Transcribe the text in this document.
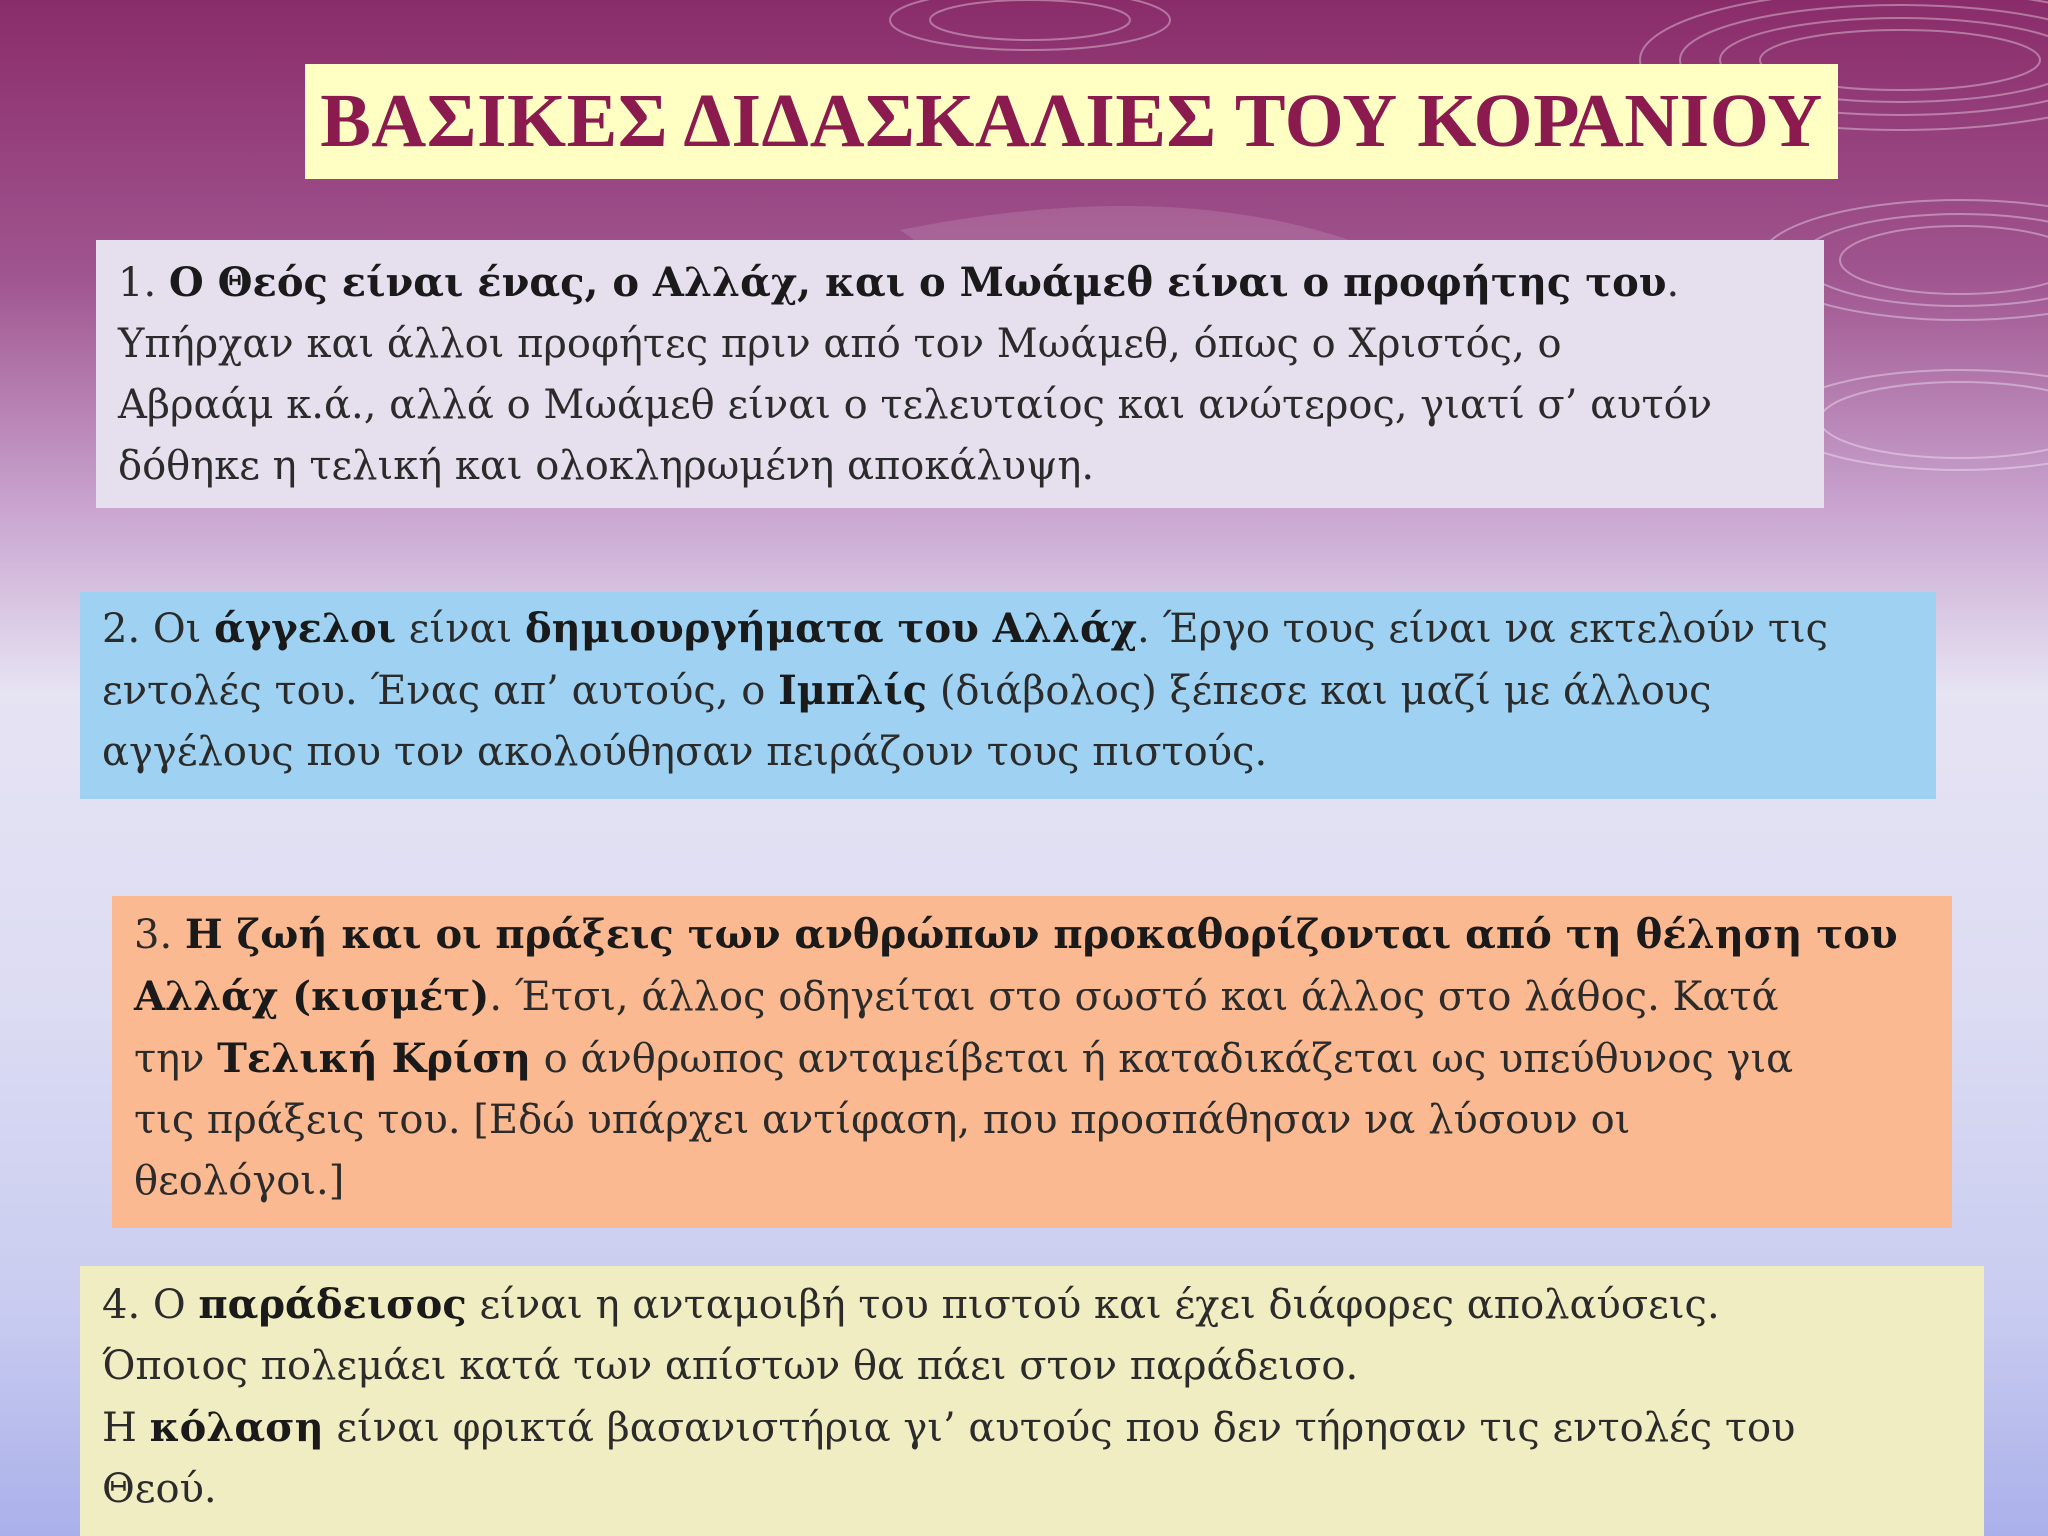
ΒΑΣΙΚΕΣ ΔΙΔΑΣΚΑΛΙΕΣ ΤΟΥ ΚΟΡΑΝΙΟΥ

1. Ο Θεός είναι ένας, ο Αλλάχ, και ο Μωάμεθ είναι ο προφήτης του.

Υπήρχαν και άλλοι προφήτες πριν από τον Μωάμεθ, όπως ο Χριστός, ο

Αβραάμ κ.ά., αλλά ο Μωάμεθ είναι ο τελευταίος και ανώτερος, γιατί σ’ αυτόν

δόθηκε η τελική και ολοκληρωμένη αποκάλυψη.

2. Οι άγγελοι είναι δημιουργήματα του Αλλάχ. Έργο τους είναι να εκτελούν τις

εντολές του. Ένας απ’ αυτούς, ο Ιμπλίς (διάβολος) ξέπεσε και μαζί με άλλους

αγγέλους που τον ακολούθησαν πειράζουν τους πιστούς.

3. Η ζωή και οι πράξεις των ανθρώπων προκαθορίζονται από τη θέληση του

Αλλάχ (κισμέτ). Έτσι, άλλος οδηγείται στο σωστό και άλλος στο λάθος. Κατά

την Τελική Κρίση ο άνθρωπος ανταμείβεται ή καταδικάζεται ως υπεύθυνος για

τις πράξεις του. [Εδώ υπάρχει αντίφαση, που προσπάθησαν να λύσουν οι

θεολόγοι.]

4. Ο παράδεισος είναι η ανταμοιβή του πιστού και έχει διάφορες απολαύσεις.

Όποιος πολεμάει κατά των απίστων θα πάει στον παράδεισο.

Η κόλαση είναι φρικτά βασανιστήρια γι’ αυτούς που δεν τήρησαν τις εντολές του

Θεού.
